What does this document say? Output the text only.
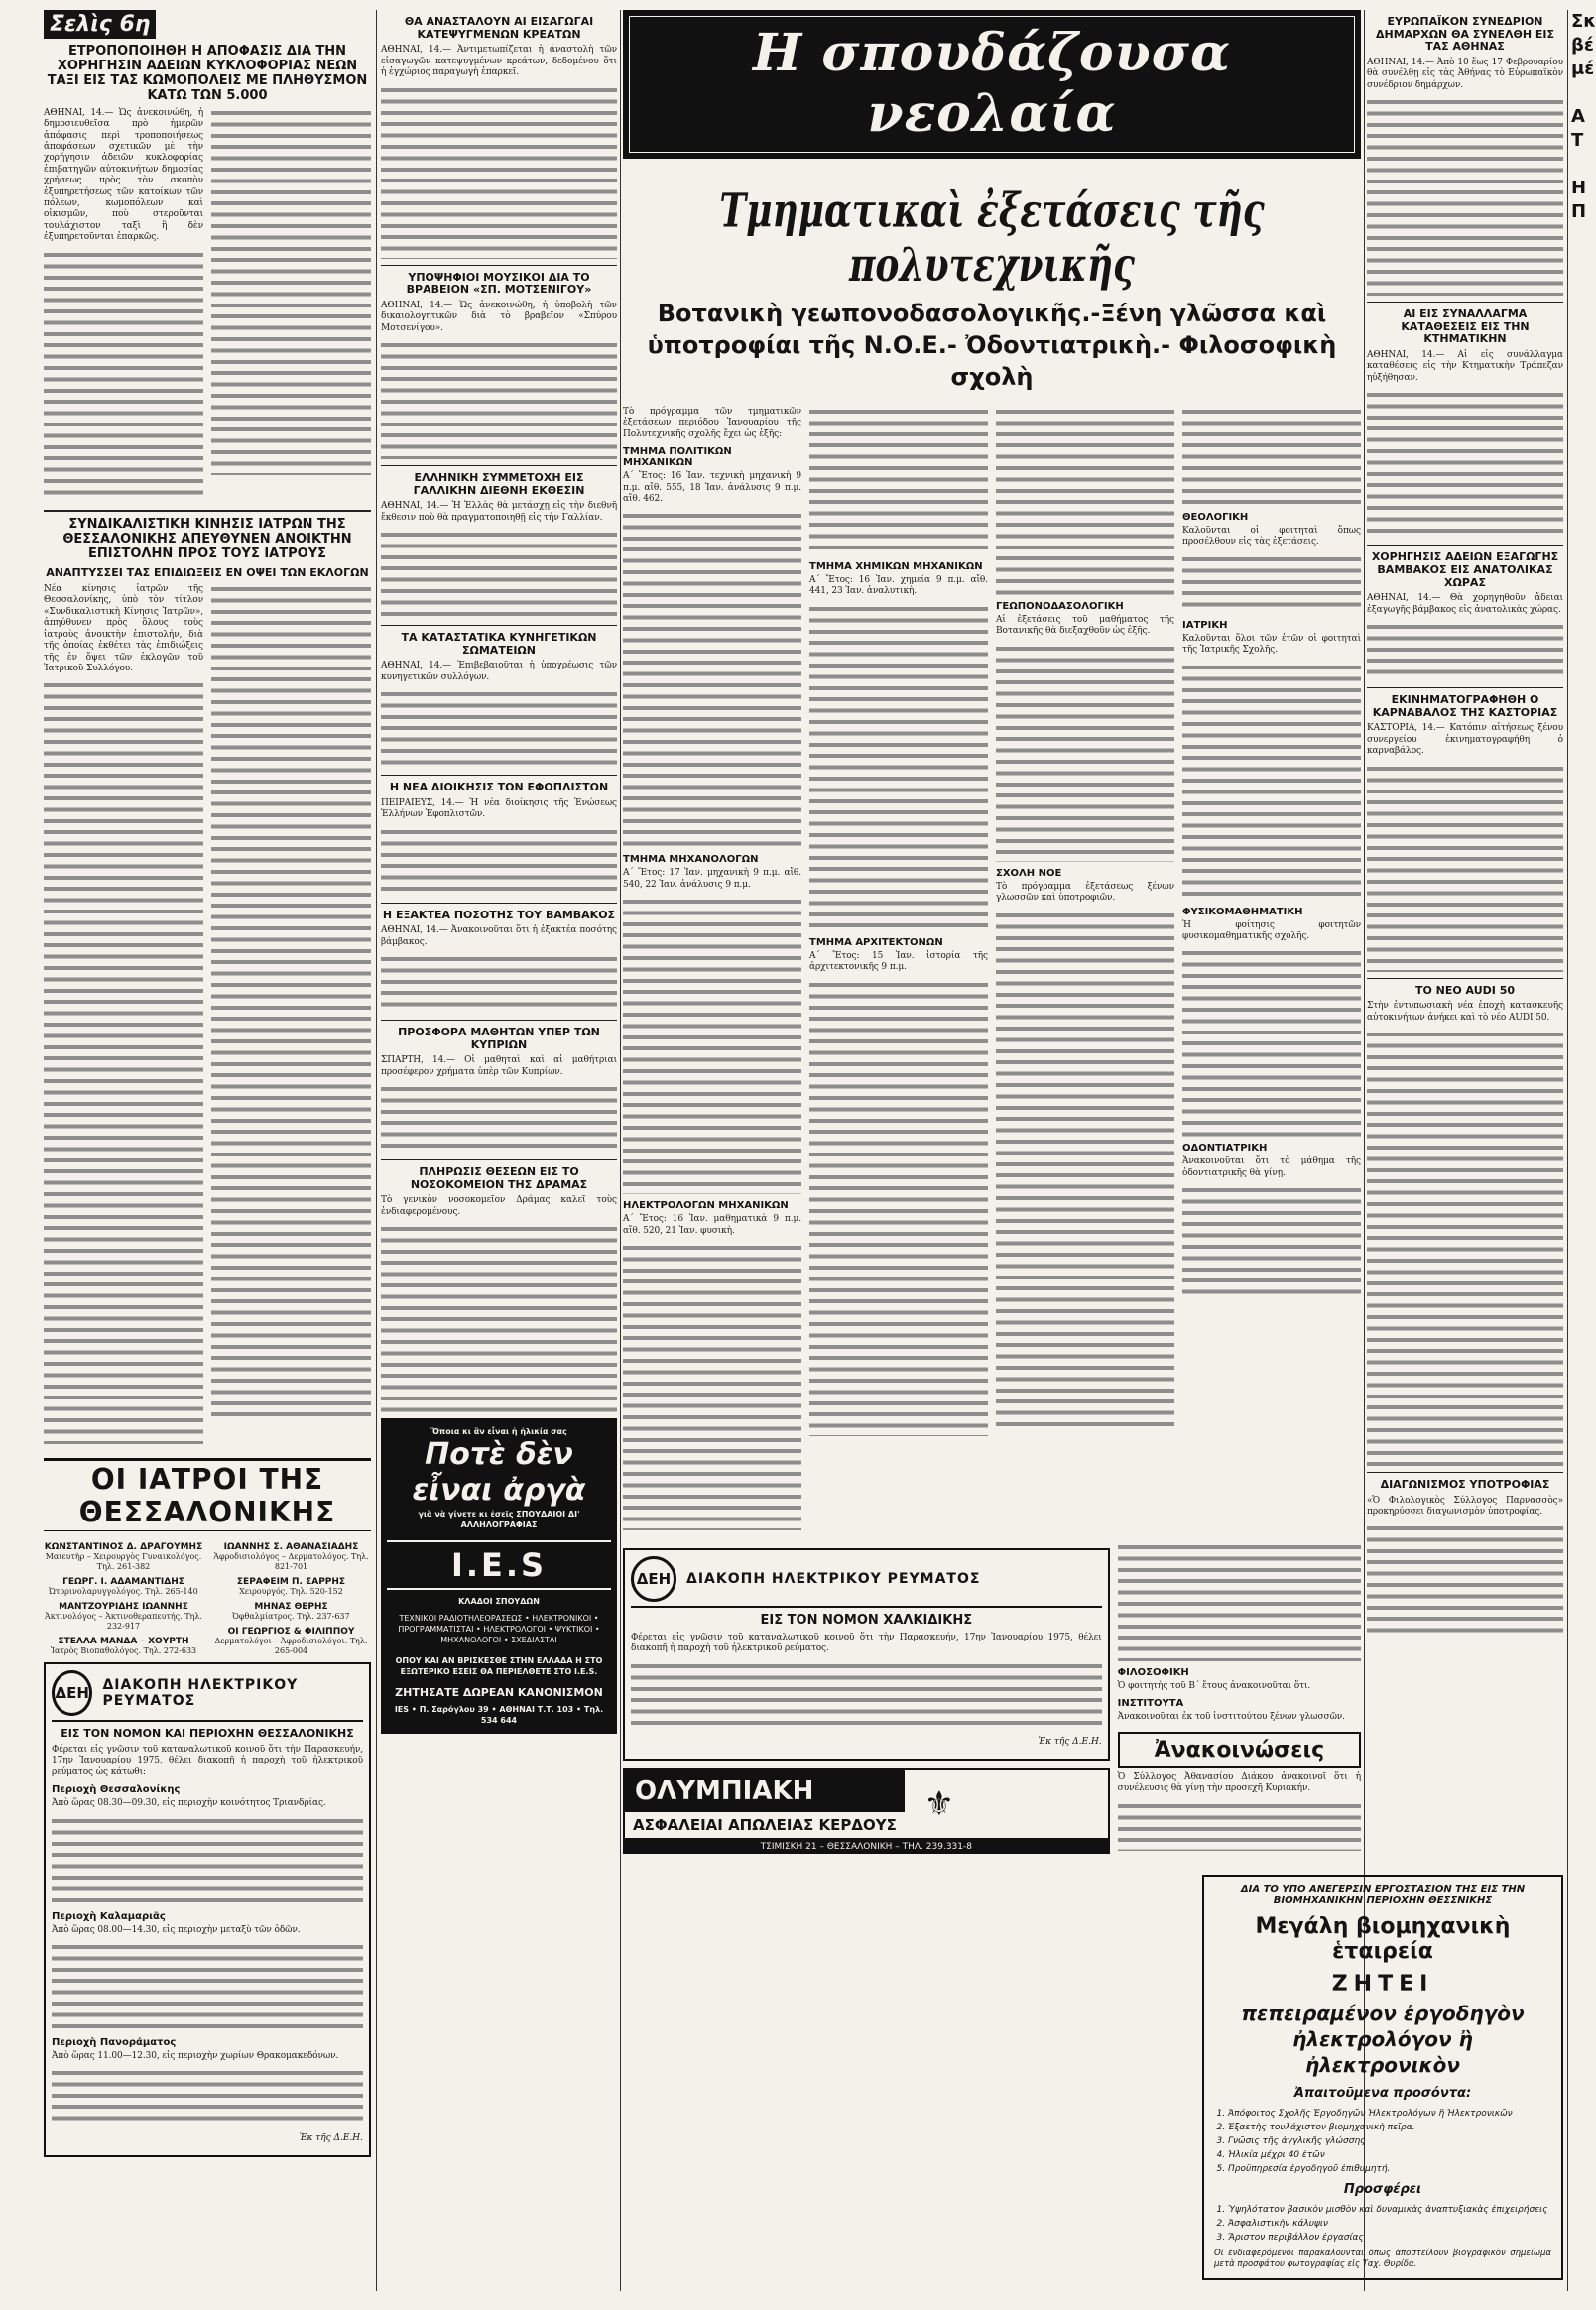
Σελὶς 6η
ΕΤΡΟΠΟΠΟΙΗΘΗ Η ΑΠΟΦΑΣΙΣ ΔΙΑ ΤΗΝ ΧΟΡΗΓΗΣΙΝ ΑΔΕΙΩΝ ΚΥΚΛΟΦΟΡΙΑΣ ΝΕΩΝ ΤΑΞΙ ΕΙΣ ΤΑΣ ΚΩΜΟΠΟΛΕΙΣ ΜΕ ΠΛΗΘΥΣΜΟΝ ΚΑΤΩ ΤΩΝ 5.000

ΑΘΗΝΑΙ, 14.— Ὡς ἀνεκοινώθη, ἡ δημοσιευθεῖσα πρὸ ἡμερῶν ἀπόφασις περὶ τροποποιήσεως ἀποφάσεων σχετικῶν μὲ τὴν χορήγησιν ἀδειῶν κυκλοφορίας ἐπιβατηγῶν αὐτοκινήτων δημοσίας χρήσεως πρὸς τὸν σκοπὸν ἐξυπηρετήσεως τῶν κατοίκων τῶν πόλεων, κωμοπόλεων καὶ οἰκισμῶν, ποὺ στεροῦνται τουλάχιστον ταξὶ ἢ δὲν ἐξυπηρετοῦνται ἐπαρκῶς.

ΣΥΝΔΙΚΑΛΙΣΤΙΚΗ ΚΙΝΗΣΙΣ ΙΑΤΡΩΝ ΤΗΣ ΘΕΣΣΑΛΟΝΙΚΗΣ ΑΠΕΥΘΥΝΕΝ ΑΝΟΙΚΤΗΝ ΕΠΙΣΤΟΛΗΝ ΠΡΟΣ ΤΟΥΣ ΙΑΤΡΟΥΣ
ΑΝΑΠΤΥΣΣΕΙ ΤΑΣ ΕΠΙΔΙΩΞΕΙΣ ΕΝ ΟΨΕΙ ΤΩΝ ΕΚΛΟΓΩΝ

Νέα κίνησις ἰατρῶν τῆς Θεσσαλονίκης, ὑπὸ τὸν τίτλον «Συνδικαλιστικὴ Κίνησις Ἰατρῶν», ἀπηύθυνεν πρὸς ὅλους τοὺς ἰατροὺς ἀνοικτὴν ἐπιστολήν, διὰ τῆς ὁποίας ἐκθέτει τὰς ἐπιδιώξεις τῆς ἐν ὄψει τῶν ἐκλογῶν τοῦ Ἰατρικοῦ Συλλόγου.

ΟΙ ΙΑΤΡΟΙ ΤΗΣ ΘΕΣΣΑΛΟΝΙΚΗΣ
ΚΩΝΣΤΑΝΤΙΝΟΣ Δ. ΔΡΑΓΟΥΜΗΣ
Μαιευτὴρ – Χειρουργὸς Γυναικολόγος. Τηλ. 261-382
ΓΕΩΡΓ. Ι. ΑΔΑΜΑΝΤΙΔΗΣ
Ὠτορινολαρυγγολόγος. Τηλ. 265-140
ΜΑΝΤΖΟΥΡΙΔΗΣ ΙΩΑΝΝΗΣ
Ἀκτινολόγος – Ἀκτινοθεραπευτής. Τηλ. 232-917
ΣΤΕΛΛΑ ΜΑΝΔΑ – ΧΟΥΡΤΗ
Ἰατρὸς Βιοπαθολόγος. Τηλ. 272-633
ΙΩΑΝΝΗΣ Σ. ΑΘΑΝΑΣΙΑΔΗΣ
Ἀφροδισιολόγος – Δερματολόγος. Τηλ. 821-701
ΣΕΡΑΦΕΙΜ Π. ΣΑΡΡΗΣ
Χειρουργός. Τηλ. 520-152
ΜΗΝΑΣ ΘΕΡΗΣ
Ὀφθαλμίατρος. Τηλ. 237-637
ΟΙ ΓΕΩΡΓΙΟΣ & ΦΙΛΙΠΠΟΥ
Δερματολόγοι – Ἀφροδισιολόγοι. Τηλ. 265-004
ΔΕΗ ΔΙΑΚΟΠΗ ΗΛΕΚΤΡΙΚΟΥ ΡΕΥΜΑΤΟΣ
ΕΙΣ ΤΟΝ ΝΟΜΟΝ ΚΑΙ ΠΕΡΙΟΧΗΝ ΘΕΣΣΑΛΟΝΙΚΗΣ

Φέρεται εἰς γνῶσιν τοῦ καταναλωτικοῦ κοινοῦ ὅτι τὴν Παρασκευήν, 17ην Ἰανουαρίου 1975, θέλει διακοπῆ ἡ παροχὴ τοῦ ἠλεκτρικοῦ ρεύματος ὡς κάτωθι:

Περιοχὴ Θεσσαλονίκης

Ἀπὸ ὥρας 08.30—09.30, εἰς περιοχὴν κοινότητος Τριανδρίας.

Περιοχὴ Καλαμαριᾶς

Ἀπὸ ὥρας 08.00—14.30, εἰς περιοχὴν μεταξὺ τῶν ὁδῶν.

Περιοχὴ Πανοράματος

Ἀπὸ ὥρας 11.00—12.30, εἰς περιοχὴν χωρίων Θρακομακεδόνων.

Ἐκ τῆς Δ.Ε.Η.
ΘΑ ΑΝΑΣΤΑΛΟΥΝ ΑΙ ΕΙΣΑΓΩΓΑΙ ΚΑΤΕΨΥΓΜΕΝΩΝ ΚΡΕΑΤΩΝ

ΑΘΗΝΑΙ, 14.— Ἀντιμετωπίζεται ἡ ἀναστολὴ τῶν εἰσαγωγῶν κατεψυγμένων κρεάτων, δεδομένου ὅτι ἡ ἐγχώριος παραγωγὴ ἐπαρκεῖ.

ΥΠΟΨΗΦΙΟΙ ΜΟΥΣΙΚΟΙ ΔΙΑ ΤΟ ΒΡΑΒΕΙΟΝ «ΣΠ. ΜΟΤΣΕΝΙΓΟΥ»

ΑΘΗΝΑΙ, 14.— Ὡς ἀνεκοινώθη, ἡ ὑποβολὴ τῶν δικαιολογητικῶν διὰ τὸ βραβεῖον «Σπύρου Μοτσενίγου».

ΕΛΛΗΝΙΚΗ ΣΥΜΜΕΤΟΧΗ ΕΙΣ ΓΑΛΛΙΚΗΝ ΔΙΕΘΝΗ ΕΚΘΕΣΙΝ

ΑΘΗΝΑΙ, 14.— Ἡ Ἑλλὰς θὰ μετάσχῃ εἰς τὴν διεθνῆ ἔκθεσιν ποὺ θὰ πραγματοποιηθῇ εἰς τὴν Γαλλίαν.

ΤΑ ΚΑΤΑΣΤΑΤΙΚΑ ΚΥΝΗΓΕΤΙΚΩΝ ΣΩΜΑΤΕΙΩΝ

ΑΘΗΝΑΙ, 14.— Ἐπιβεβαιοῦται ἡ ὑποχρέωσις τῶν κυνηγετικῶν συλλόγων.

Η ΝΕΑ ΔΙΟΙΚΗΣΙΣ ΤΩΝ ΕΦΟΠΛΙΣΤΩΝ

ΠΕΙΡΑΙΕΥΣ, 14.— Ἡ νέα διοίκησις τῆς Ἑνώσεως Ἑλλήνων Ἐφοπλιστῶν.

Η ΕΞΑΚΤΕΑ ΠΟΣΟΤΗΣ ΤΟΥ ΒΑΜΒΑΚΟΣ

ΑΘΗΝΑΙ, 14.— Ἀνακοινοῦται ὅτι ἡ ἐξακτέα ποσότης βάμβακος.

ΠΡΟΣΦΟΡΑ ΜΑΘΗΤΩΝ ΥΠΕΡ ΤΩΝ ΚΥΠΡΙΩΝ

ΣΠΑΡΤΗ, 14.— Οἱ μαθηταὶ καὶ αἱ μαθήτριαι προσέφερον χρήματα ὑπὲρ τῶν Κυπρίων.

ΠΛΗΡΩΣΙΣ ΘΕΣΕΩΝ ΕΙΣ ΤΟ ΝΟΣΟΚΟΜΕΙΟΝ ΤΗΣ ΔΡΑΜΑΣ

Τὸ γενικὸν νοσοκομεῖον Δράμας καλεῖ τοὺς ἐνδιαφερομένους.

Ὅποια κι ἂν εἶναι ἡ ἡλικία σας
Ποτὲ δὲν εἶναι ἀργὰ
γιὰ νὰ γίνετε κι ἐσεῖς ΣΠΟΥΔΑΙΟΙ ΔΙ' ΑΛΛΗΛΟΓΡΑΦΙΑΣ
I.E.S
ΚΛΑΔΟΙ ΣΠΟΥΔΩΝ
ΤΕΧΝΙΚΟΙ ΡΑΔΙΟΤΗΛΕΟΡΑΣΕΩΣ • ΗΛΕΚΤΡΟΝΙΚΟΙ • ΠΡΟΓΡΑΜΜΑΤΙΣΤΑΙ • ΗΛΕΚΤΡΟΛΟΓΟΙ • ΨΥΚΤΙΚΟΙ • ΜΗΧΑΝΟΛΟΓΟΙ • ΣΧΕΔΙΑΣΤΑΙ
ΟΠΟΥ ΚΑΙ ΑΝ ΒΡΙΣΚΕΣΘΕ ΣΤΗΝ ΕΛΛΑΔΑ Η ΣΤΟ ΕΞΩΤΕΡΙΚΟ ΕΣΕΙΣ ΘΑ ΠΕΡΙΕΛΘΕΤΕ ΣΤΟ I.E.S.
ΖΗΤΗΣΑΤΕ ΔΩΡΕΑΝ ΚΑΝΟΝΙΣΜΟΝ
ΙΕS • Π. Σαρόγλου 39 • ΑΘΗΝΑΙ Τ.Τ. 103 • Τηλ. 534 644
Η σπουδάζουσα νεολαία
Τμηματικαὶ ἐξετάσεις τῆς πολυτεχνικῆς
Βοτανικὴ γεωπονοδασολογικῆς.-Ξένη γλῶσσα καὶ ὑποτροφίαι τῆς Ν.Ο.Ε.- Ὀδοντιατρικὴ.- Φιλοσοφικὴ σχολὴ

Τὸ πρόγραμμα τῶν τμηματικῶν ἐξετάσεων περιόδου Ἰανουαρίου τῆς Πολυτεχνικῆς σχολῆς ἔχει ὡς ἑξῆς:

ΤΜΗΜΑ ΠΟΛΙΤΙΚΩΝ ΜΗΧΑΝΙΚΩΝ

Α΄ Ἔτος: 16 Ἰαν. τεχνικὴ μηχανικὴ 9 π.μ. αἴθ. 555, 18 Ἰαν. ἀνάλυσις 9 π.μ. αἴθ. 462.

ΤΜΗΜΑ ΜΗΧΑΝΟΛΟΓΩΝ

Α΄ Ἔτος: 17 Ἰαν. μηχανικὴ 9 π.μ. αἴθ. 540, 22 Ἰαν. ἀνάλυσις 9 π.μ.

ΗΛΕΚΤΡΟΛΟΓΩΝ ΜΗΧΑΝΙΚΩΝ

Α΄ Ἔτος: 16 Ἰαν. μαθηματικὰ 9 π.μ. αἴθ. 520, 21 Ἰαν. φυσικὴ.

ΤΜΗΜΑ ΧΗΜΙΚΩΝ ΜΗΧΑΝΙΚΩΝ

Α΄ Ἔτος: 16 Ἰαν. χημεία 9 π.μ. αἴθ. 441, 23 Ἰαν. ἀναλυτικὴ.

ΤΜΗΜΑ ΑΡΧΙΤΕΚΤΟΝΩΝ

Α΄ Ἔτος: 15 Ἰαν. ἱστορία τῆς ἀρχιτεκτονικῆς 9 π.μ.

ΓΕΩΠΟΝΟΔΑΣΟΛΟΓΙΚΗ

Αἱ ἐξετάσεις τοῦ μαθήματος τῆς Βοτανικῆς θὰ διεξαχθοῦν ὡς ἑξῆς.

ΣΧΟΛΗ ΝΟΕ

Τὸ πρόγραμμα ἐξετάσεως ξένων γλωσσῶν καὶ ὑποτροφιῶν.

ΘΕΟΛΟΓΙΚΗ

Καλοῦνται οἱ φοιτηταὶ ὅπως προσέλθουν εἰς τὰς ἐξετάσεις.

ΙΑΤΡΙΚΗ

Καλοῦνται ὅλοι τῶν ἐτῶν οἱ φοιτηταὶ τῆς Ἰατρικῆς Σχολῆς.

ΦΥΣΙΚΟΜΑΘΗΜΑΤΙΚΗ

Ἡ φοίτησις φοιτητῶν φυσικομαθηματικῆς σχολῆς.

ΟΔΟΝΤΙΑΤΡΙΚΗ

Ἀνακοινοῦται ὅτι τὸ μάθημα τῆς ὀδοντιατρικῆς θὰ γίνῃ.

ΔΕΗ	ΔΙΑΚΟΠΗ ΗΛΕΚΤΡΙΚΟΥ ΡΕΥΜΑΤΟΣ
ΕΙΣ ΤΟΝ ΝΟΜΟΝ ΧΑΛΚΙΔΙΚΗΣ

Φέρεται εἰς γνῶσιν τοῦ καταναλωτικοῦ κοινοῦ ὅτι τὴν Παρασκευήν, 17ην Ἰανουαρίου 1975, θέλει διακοπῆ ἡ παροχὴ τοῦ ἠλεκτρικοῦ ρεύματος.

Ἐκ τῆς Δ.Ε.Η.
ΟΛΥΜΠΙΑΚΗ
ΑΣΦΑΛΕΙΑΙ ΑΠΩΛΕΙΑΣ ΚΕΡΔΟΥΣ
⚜
ΤΣΙΜΙΣΚΗ 21 – ΘΕΣΣΑΛΟΝΙΚΗ – ΤΗΛ. 239.331-8
ΦΙΛΟΣΟΦΙΚΗ

Ὁ φοιτητὴς τοῦ Β΄ ἔτους ἀνακοινοῦται ὅτι.

ΙΝΣΤΙΤΟΥΤΑ

Ἀνακοινοῦται ἐκ τοῦ ἰνστιτούτου ξένων γλωσσῶν.

Ἀνακοινώσεις

Ὁ Σύλλογος Ἀθανασίου Διάκου ἀνακοινοῖ ὅτι ἡ συνέλευσις θὰ γίνῃ τὴν προσεχῆ Κυριακήν.

ΕΥΡΩΠΑΪΚΟΝ ΣΥΝΕΔΡΙΟΝ ΔΗΜΑΡΧΩΝ ΘΑ ΣΥΝΕΛΘΗ ΕΙΣ ΤΑΣ ΑΘΗΝΑΣ

ΑΘΗΝΑΙ, 14.— Ἀπὸ 10 ἕως 17 Φεβρουαρίου θὰ συνέλθῃ εἰς τὰς Ἀθήνας τὸ Εὐρωπαϊκὸν συνέδριον δημάρχων.

ΑΙ ΕΙΣ ΣΥΝΑΛΛΑΓΜΑ ΚΑΤΑΘΕΣΕΙΣ ΕΙΣ ΤΗΝ ΚΤΗΜΑΤΙΚΗΝ

ΑΘΗΝΑΙ, 14.— Αἱ εἰς συνάλλαγμα καταθέσεις εἰς τὴν Κτηματικὴν Τράπεζαν ηὐξήθησαν.

ΧΟΡΗΓΗΣΙΣ ΑΔΕΙΩΝ ΕΞΑΓΩΓΗΣ ΒΑΜΒΑΚΟΣ ΕΙΣ ΑΝΑΤΟΛΙΚΑΣ ΧΩΡΑΣ

ΑΘΗΝΑΙ, 14.— Θὰ χορηγηθοῦν ἄδειαι ἐξαγωγῆς βάμβακος εἰς ἀνατολικὰς χώρας.

ΕΚΙΝΗΜΑΤΟΓΡΑΦΗΘΗ Ο ΚΑΡΝΑΒΑΛΟΣ ΤΗΣ ΚΑΣΤΟΡΙΑΣ

ΚΑΣΤΟΡΙΑ, 14.— Κατόπιν αἰτήσεως ξένου συνεργείου ἐκινηματογραφήθη ὁ καρναβάλος.

ΤΟ ΝΕΟ AUDI 50

Στὴν ἐντυπωσιακὴ νέα ἐποχὴ κατασκευῆς αὐτοκινήτων ἀνήκει καὶ τὸ νέο AUDI 50.

ΔΙΑΓΩΝΙΣΜΟΣ ΥΠΟΤΡΟΦΙΑΣ

«Ὁ Φιλολογικὸς Σύλλογος Παρνασσὸς» προκηρύσσει διαγωνισμὸν ὑποτροφίας.

ΔΙΑ ΤΟ ΥΠΟ ΑΝΕΓΕΡΣΙΝ ΕΡΓΟΣΤΑΣΙΟΝ ΤΗΣ ΕΙΣ ΤΗΝ ΒΙΟΜΗΧΑΝΙΚΗΝ ΠΕΡΙΟΧΗΝ ΘΕΣΣΝΙΚΗΣ
Μεγάλη βιομηχανικὴ ἑταιρεία
ΖΗΤΕΙ
πεπειραμένον ἐργοδηγὸν ἠλεκτρολόγον ἢ ἠλεκτρονικὸν
Ἀπαιτοῦμενα προσόντα:
1. Ἀπόφοιτος Σχολῆς Ἐργοδηγῶν Ἠλεκτρολόγων ἢ Ἠλεκτρονικῶν
2. Ἐξαετὴς τουλάχιστον βιομηχανικὴ πεῖρα.
3. Γνῶσις τῆς ἀγγλικῆς γλώσσης
4. Ἡλικία μέχρι 40 ἐτῶν
5. Προϋπηρεσία ἐργοδηγοῦ ἐπιθυμητή.
Προσφέρει
1. Ὑψηλότατον βασικὸν μισθὸν καὶ δυναμικὰς ἀναπτυξιακὰς ἐπιχειρήσεις
2. Ἀσφαλιστικὴν κάλυψιν
3. Ἄριστον περιβάλλον ἐργασίας
Οἱ ἐνδιαφερόμενοι παρακαλοῦνται ὅπως ἀποστείλουν βιογραφικὸν σημείωμα μετὰ προσφάτου φωτογραφίας εἰς Ταχ. Θυρίδα.
Σκ
βέ
μέ

Α
Τ

Η
Π
